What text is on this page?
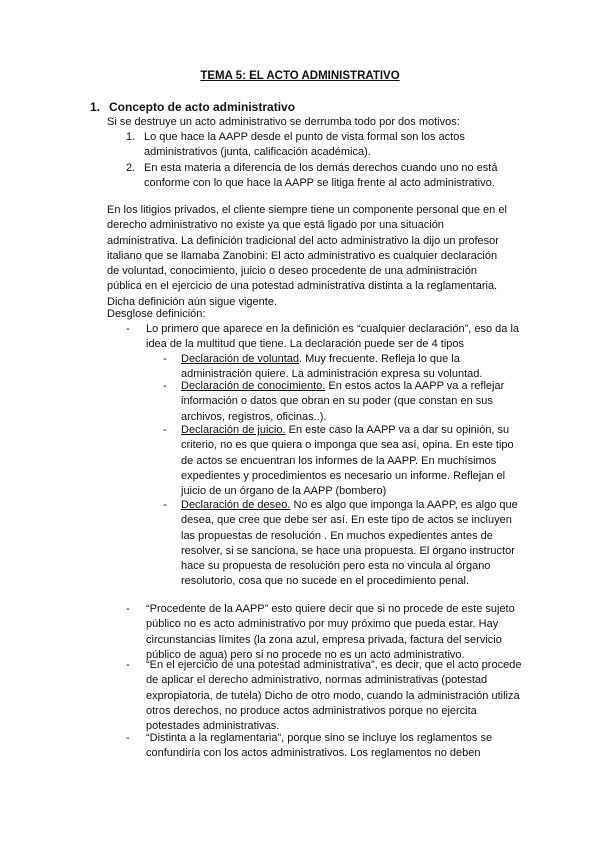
TEMA 5: EL ACTO ADMINISTRATIVO
1. Concepto de acto administrativo
Si se destruye un acto administrativo se derrumba todo por dos motivos:
1. Lo que hace la AAPP desde el punto de vista formal son los actos administrativos (junta, calificación académica).

2. En esta materia a diferencia de los demás derechos cuando uno no está conforme con lo que hace la AAPP se litiga frente al acto administrativo.

En los litigios privados, el cliente siempre tiene un componente personal que en el derecho administrativo no existe ya que está ligado por una situación administrativa. La definición tradicional del acto administrativo la dijo un profesor italiano que se llamaba Zanobini: El acto administrativo es cualquier declaración de voluntad, conocimiento, juicio o deseo procedente de una administración pública en el ejercicio de una potestad administrativa distinta a la reglamentaria. Dicha definición aún sigue vigente.
Desglose definición:
- Lo primero que aparece en la definición es “cualquier declaración”, eso da la idea de la multitud que tiene. La declaración puede ser de 4 tipos

- Declaración de voluntad. Muy frecuente. Refleja lo que la administración quiere. La administración expresa su voluntad.

- Declaración de conocimiento. En estos actos la AAPP va a reflejar información o datos que obran en su poder (que constan en sus archivos, registros, oficinas..).

- Declaración de juicio. En este caso la AAPP va a dar su opinión, su criterio, no es que quiera o imponga que sea así, opina. En este tipo de actos se encuentran los informes de la AAPP. En muchísimos expedientes y procedimientos es necesario un informe. Reflejan el juicio de un órgano de la AAPP (bombero)

- Declaración de deseo. No es algo que imponga la AAPP, es algo que desea, que cree que debe ser así. En este tipo de actos se incluyen las propuestas de resolución . En muchos expedientes antes de resolver, si se sanciona, se hace una propuesta. El órgano instructor hace su propuesta de resolución pero esta no vincula al órgano resolutorio, cosa que no sucede en el procedimiento penal.

- “Procedente de la AAPP” esto quiere decir que si no procede de este sujeto público no es acto administrativo por muy próximo que pueda estar. Hay circunstancias límites (la zona azul, empresa privada, factura del servicio público de agua) pero si no procede no es un acto administrativo.

- “En el ejercicio de una potestad administrativa”, es decir, que el acto procede de aplicar el derecho administrativo, normas administrativas (potestad expropiatoria, de tutela) Dicho de otro modo, cuando la administración utiliza otros derechos, no produce actos administrativos porque no ejercita potestades administrativas.

- “Distinta a la reglamentaria”, porque sino se incluye los reglamentos se confundiría con los actos administrativos. Los reglamentos no deben
